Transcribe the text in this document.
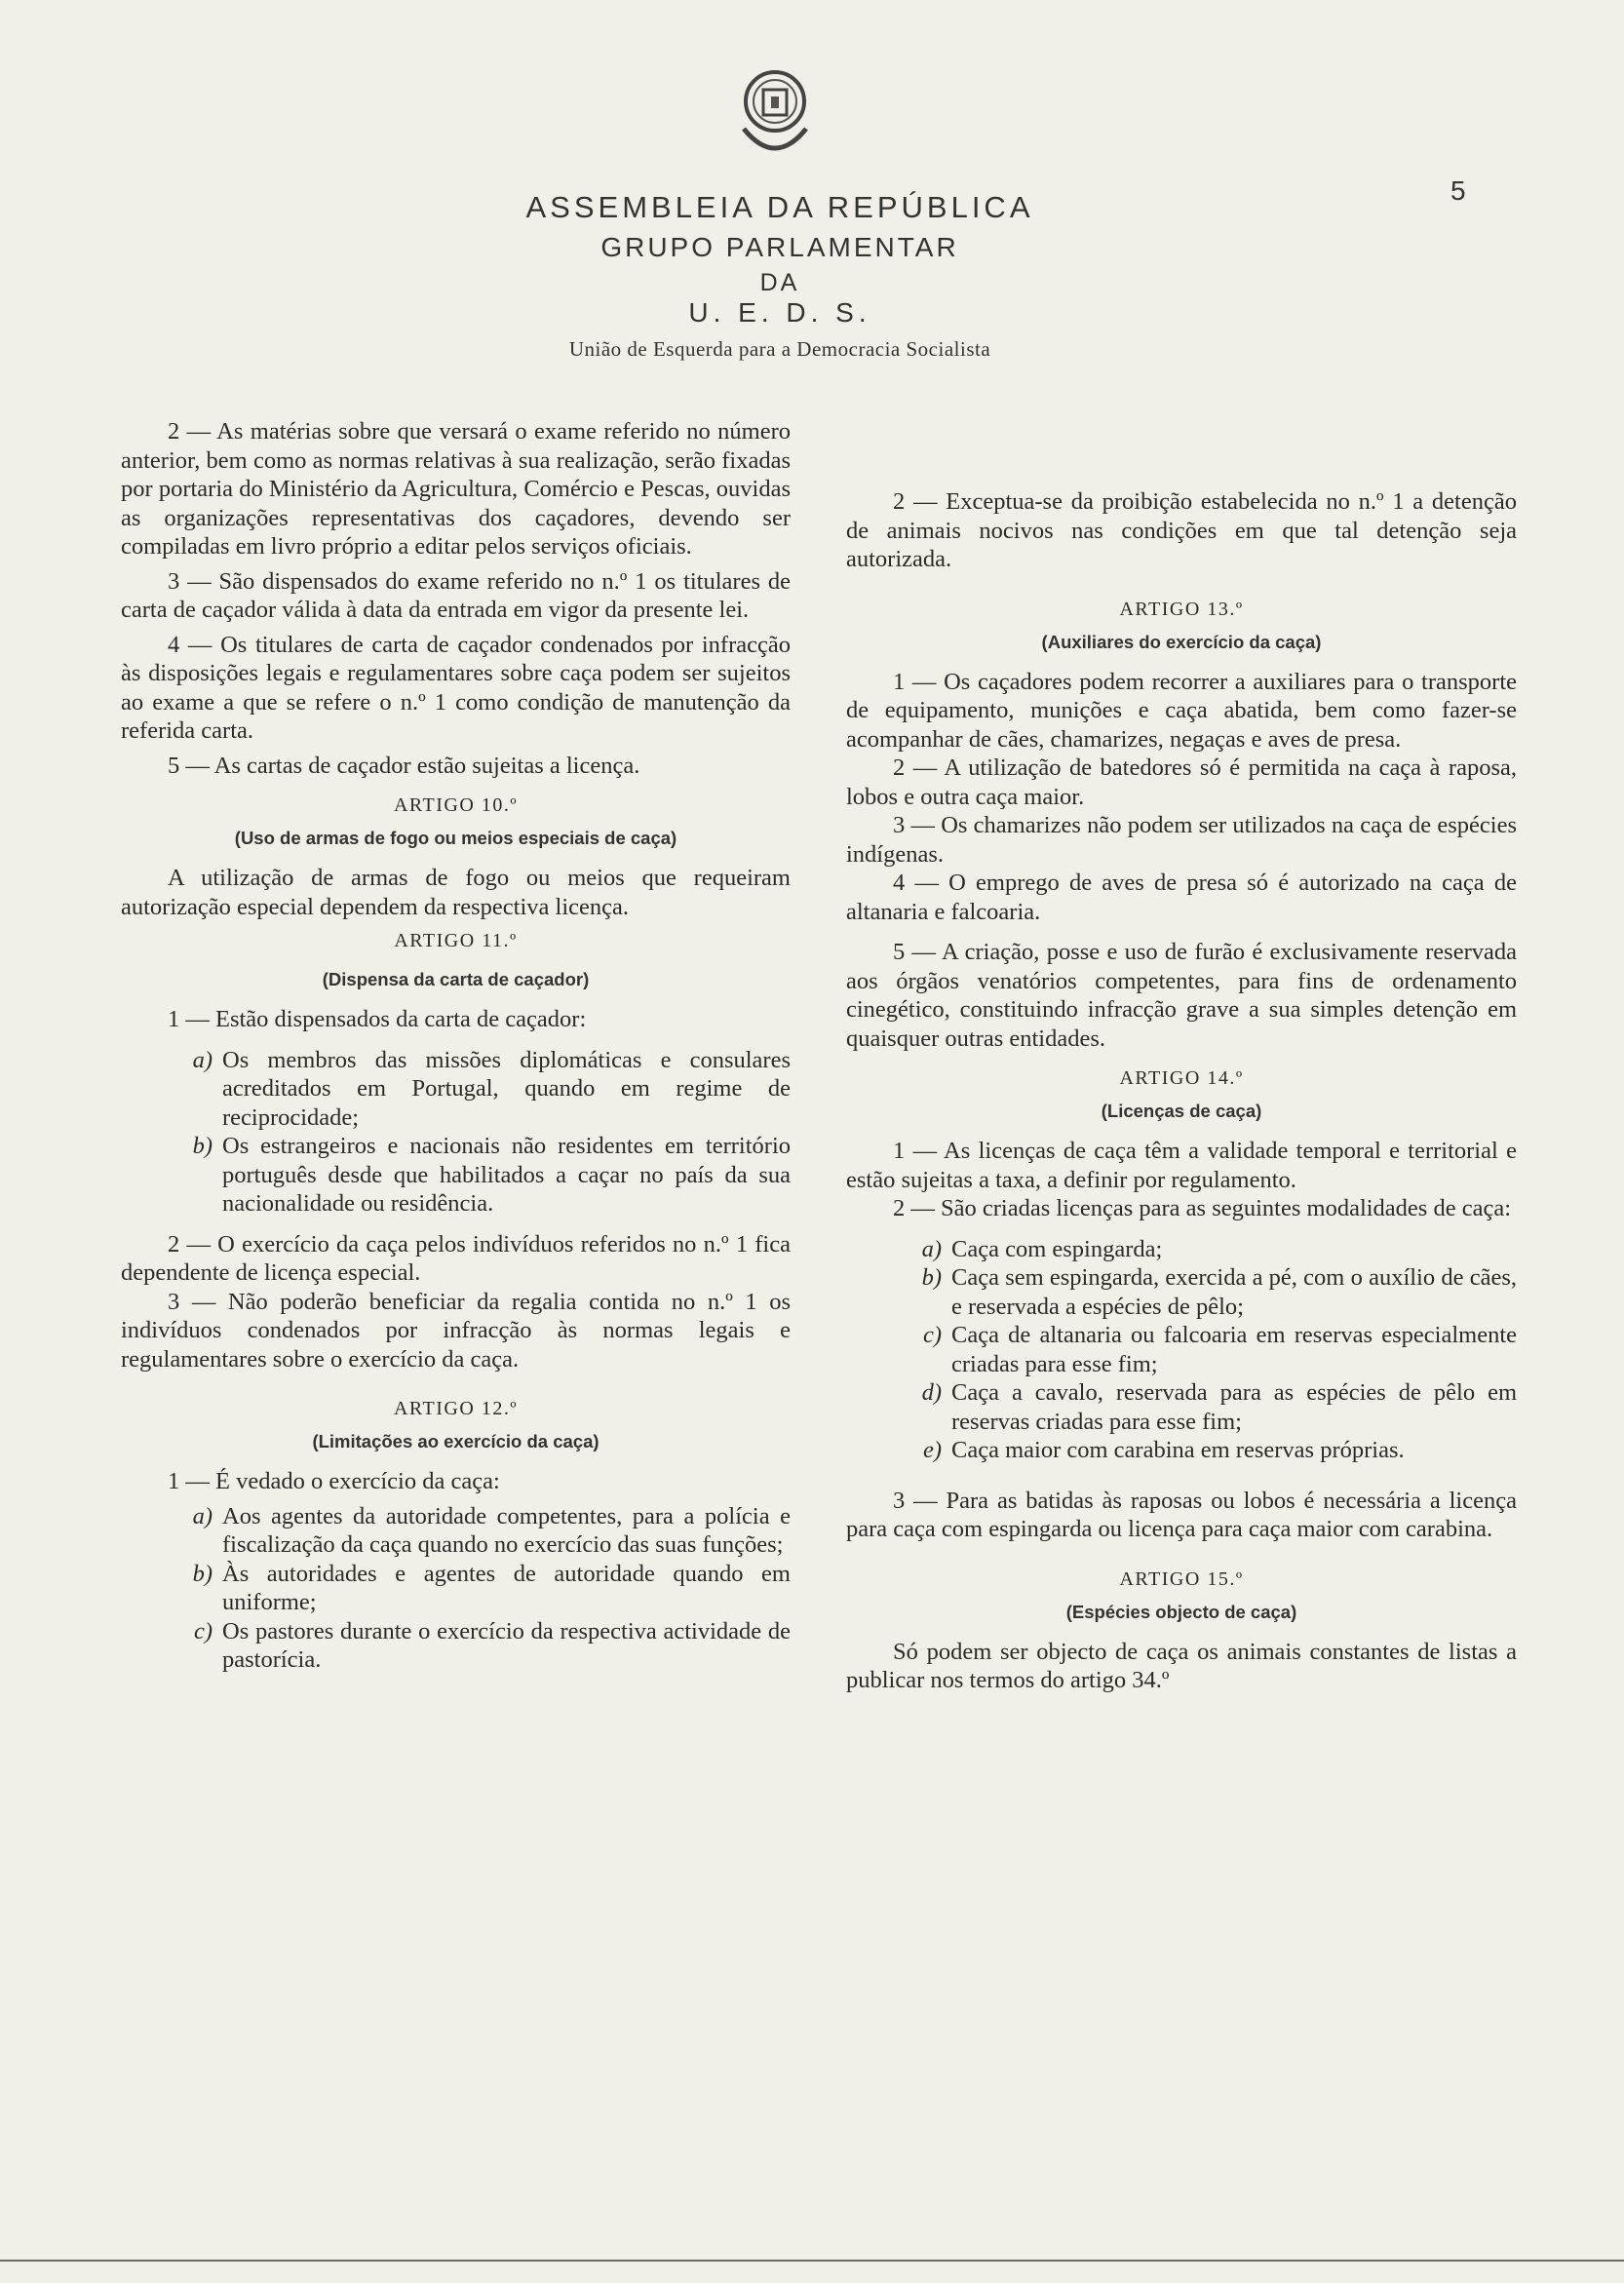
ASSEMBLEIA DA REPÚBLICA
GRUPO PARLAMENTAR
DA
U. E. D. S.
União de Esquerda para a Democracia Socialista
5

2 — As matérias sobre que versará o exame referido no número anterior, bem como as normas relativas à sua realização, serão fixadas por portaria do Ministério da Agricultura, Comércio e Pescas, ouvidas as organizações representativas dos caçadores, devendo ser compiladas em livro próprio a editar pelos serviços oficiais.

3 — São dispensados do exame referido no n.º 1 os titulares de carta de caçador válida à data da entrada em vigor da presente lei.

4 — Os titulares de carta de caçador condenados por infracção às disposições legais e regulamentares sobre caça podem ser sujeitos ao exame a que se refere o n.º 1 como condição de manutenção da referida carta.

5 — As cartas de caçador estão sujeitas a licença.

ARTIGO 10.º

(Uso de armas de fogo ou meios especiais de caça)

A utilização de armas de fogo ou meios que requeiram autorização especial dependem da respectiva licença.

ARTIGO 11.º

(Dispensa da carta de caçador)

1 — Estão dispensados da carta de caçador:

a) Os membros das missões diplomáticas e consulares acreditados em Portugal, quando em regime de reciprocidade;
b) Os estrangeiros e nacionais não residentes em território português desde que habilitados a caçar no país da sua nacionalidade ou residência.

2 — O exercício da caça pelos indivíduos referidos no n.º 1 fica dependente de licença especial.

3 — Não poderão beneficiar da regalia contida no n.º 1 os indivíduos condenados por infracção às normas legais e regulamentares sobre o exercício da caça.

ARTIGO 12.º

(Limitações ao exercício da caça)

1 — É vedado o exercício da caça:

a) Aos agentes da autoridade competentes, para a polícia e fiscalização da caça quando no exercício das suas funções;
b) Às autoridades e agentes de autoridade quando em uniforme;
c) Os pastores durante o exercício da respectiva actividade de pastorícia.

2 — Exceptua-se da proibição estabelecida no n.º 1 a detenção de animais nocivos nas condições em que tal detenção seja autorizada.

ARTIGO 13.º

(Auxiliares do exercício da caça)

1 — Os caçadores podem recorrer a auxiliares para o transporte de equipamento, munições e caça abatida, bem como fazer-se acompanhar de cães, chamarizes, negaças e aves de presa.

2 — A utilização de batedores só é permitida na caça à raposa, lobos e outra caça maior.

3 — Os chamarizes não podem ser utilizados na caça de espécies indígenas.

4 — O emprego de aves de presa só é autorizado na caça de altanaria e falcoaria.

5 — A criação, posse e uso de furão é exclusivamente reservada aos órgãos venatórios competentes, para fins de ordenamento cinegético, constituindo infracção grave a sua simples detenção em quaisquer outras entidades.

ARTIGO 14.º

(Licenças de caça)

1 — As licenças de caça têm a validade temporal e territorial e estão sujeitas a taxa, a definir por regulamento.

2 — São criadas licenças para as seguintes modalidades de caça:

a) Caça com espingarda;
b) Caça sem espingarda, exercida a pé, com o auxílio de cães, e reservada a espécies de pêlo;
c) Caça de altanaria ou falcoaria em reservas especialmente criadas para esse fim;
d) Caça a cavalo, reservada para as espécies de pêlo em reservas criadas para esse fim;
e) Caça maior com carabina em reservas próprias.

3 — Para as batidas às raposas ou lobos é necessária a licença para caça com espingarda ou licença para caça maior com carabina.

ARTIGO 15.º

(Espécies objecto de caça)

Só podem ser objecto de caça os animais constantes de listas a publicar nos termos do artigo 34.º
